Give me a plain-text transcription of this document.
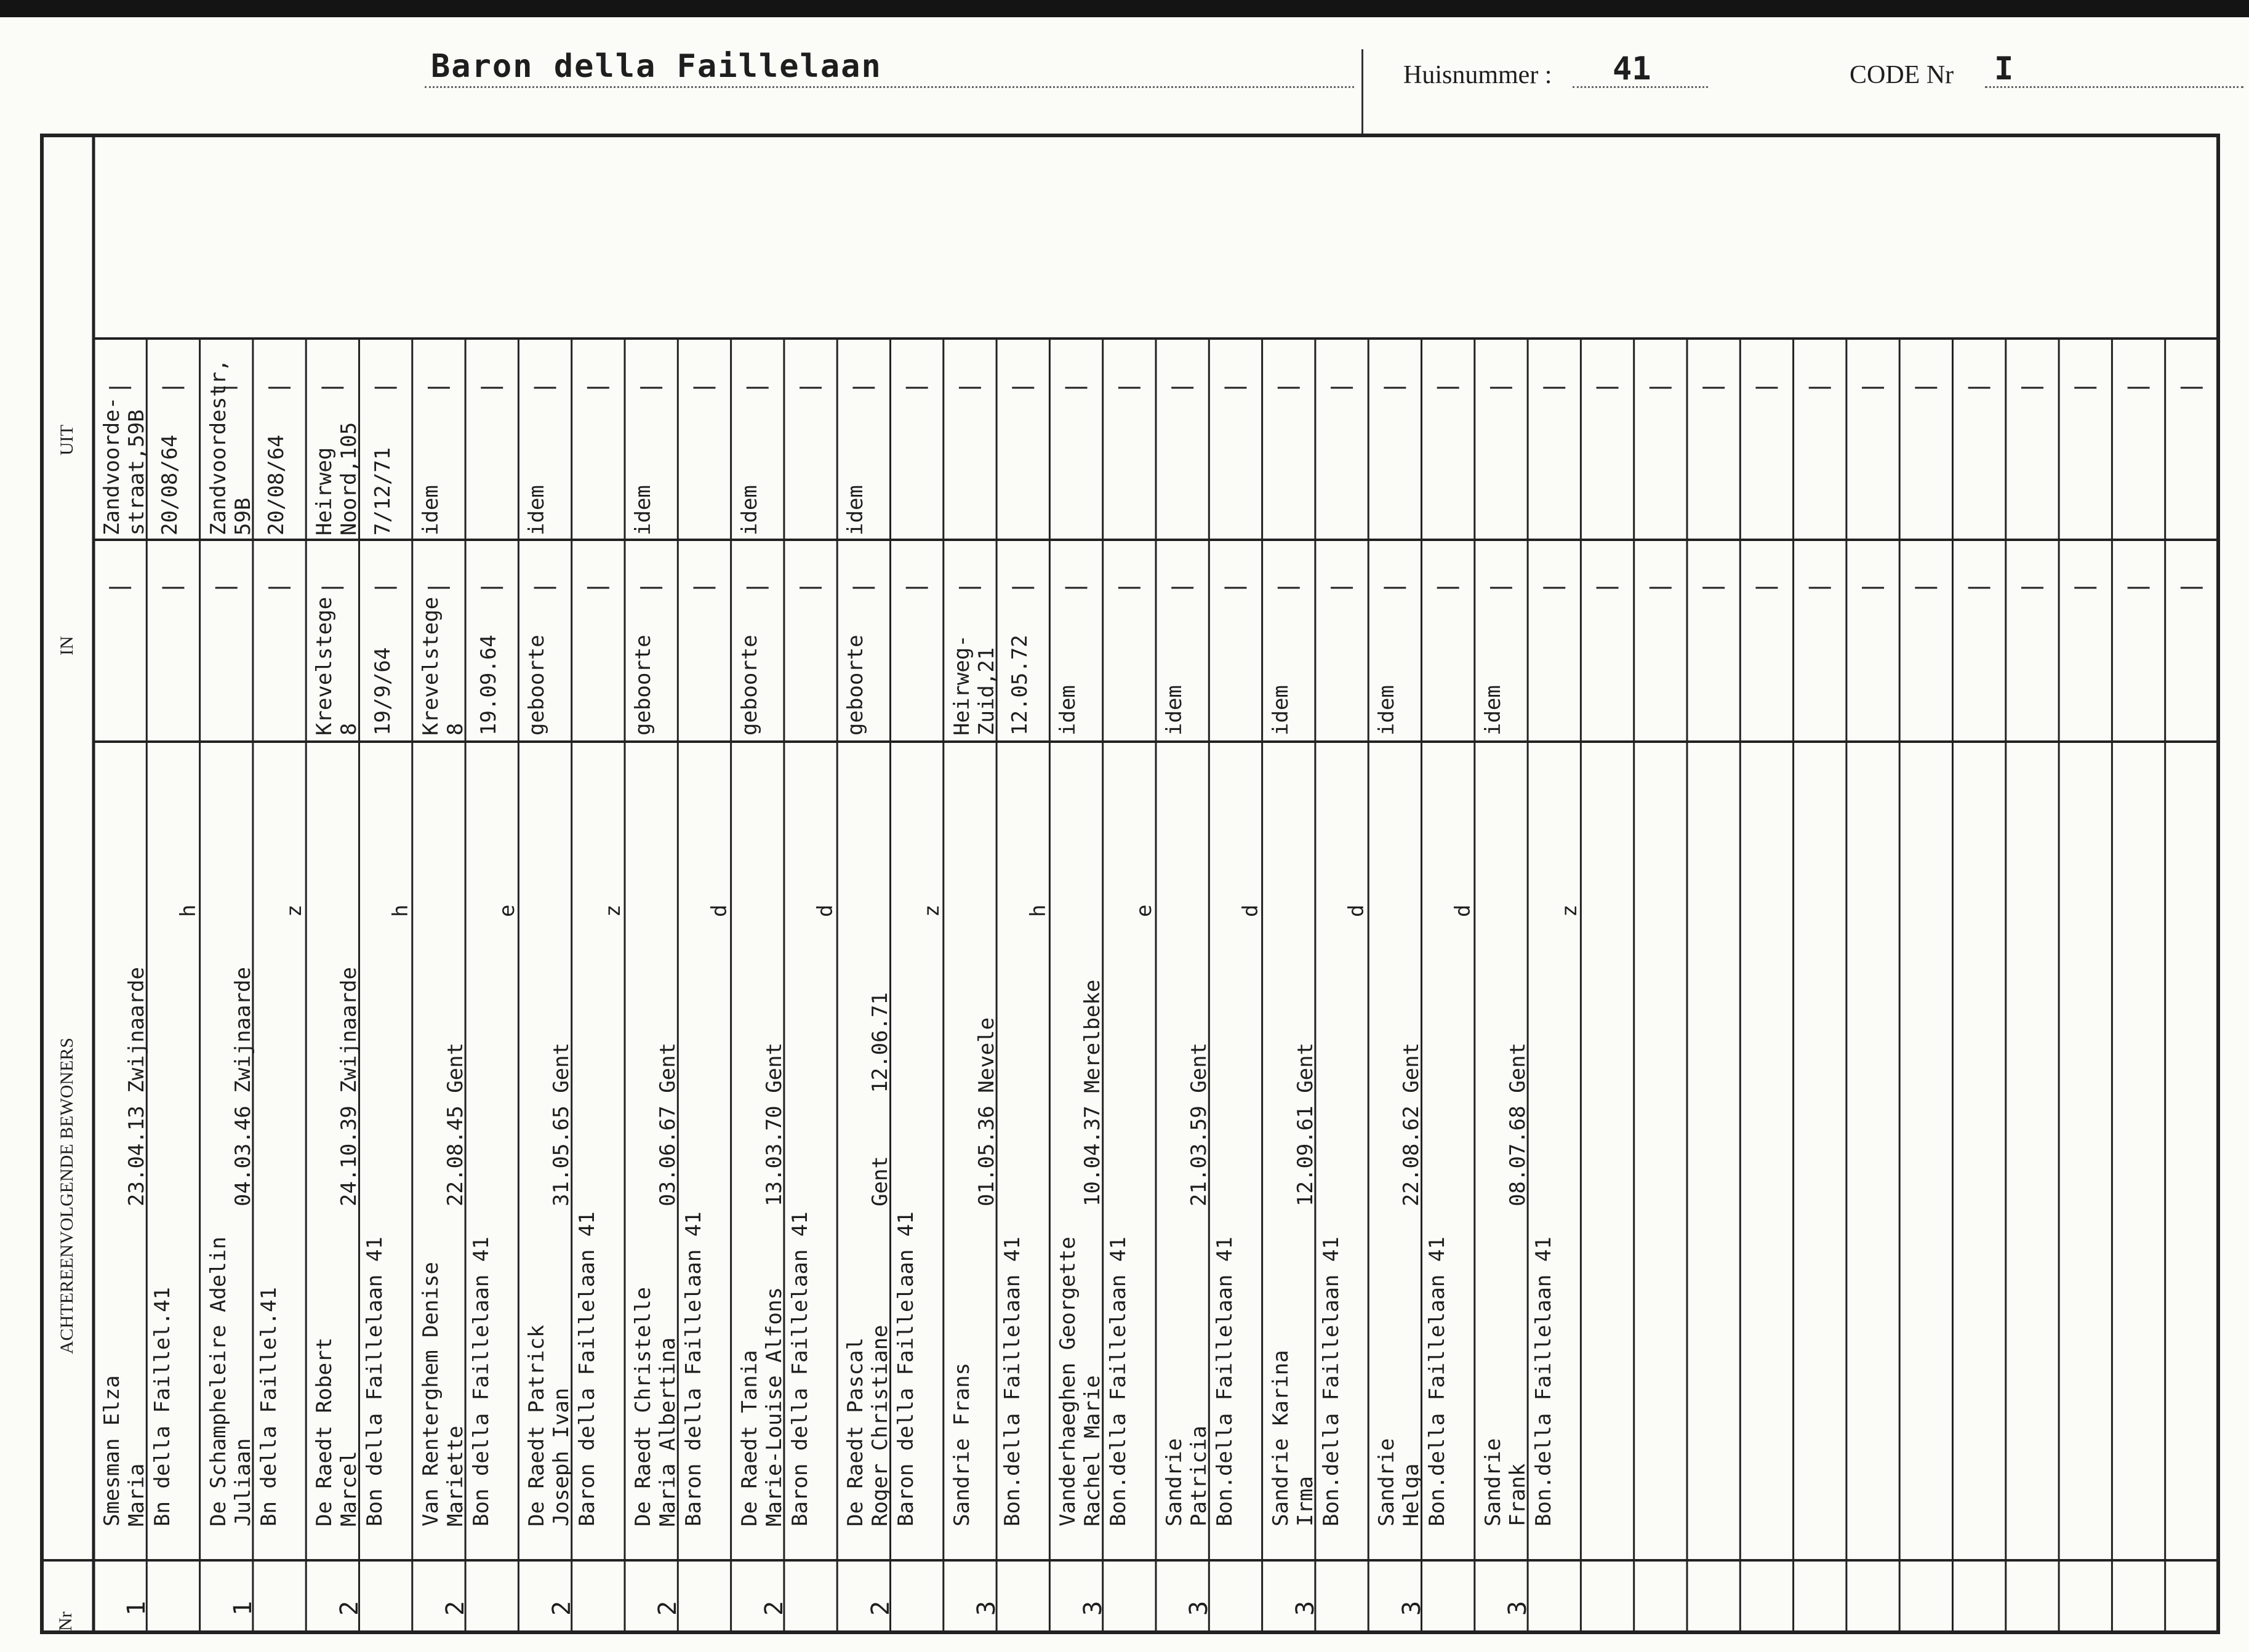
Baron della Faillelaan	Huisnummer : 41	CODE Nr I
Nr
ACHTEREENVOLGENDE BEWONERS
IN
UIT
1
Smesman Elza Maria Bn della Faillel.41
23.04.13 Zwijnaarde
h
Zandvoorde-
straat,59B 20/08/64
1
De Schampheleire Adelin Juliaan Bn della Faillel.41
04.03.46 Zwijnaarde
z
Zandvoordestr,
59B 20/08/64
2
De Raedt Robert Marcel Bon della Faillelaan 41
24.10.39 Zwijnaarde
h
Krevelstege
8 19/9/64
Heirweg
Noord,105 7/12/71
2
Van Renterghem Denise Mariette Bon della Faillelaan 41
22.08.45 Gent
e
Krevelstege
8 19.09.64
idem
2
De Raedt Patrick Joseph Ivan Baron della Faillelaan 41
31.05.65 Gent
z
geboorte
idem
2
De Raedt Christelle Maria Albertina Baron della Faillelaan 41
03.06.67 Gent
d
geboorte
idem
2
De Raedt Tania Marie-Louise Alfons Baron della Faillelaan 41
13.03.70 Gent
d
geboorte
idem
2
De Raedt Pascal Roger Christiane Baron della Faillelaan 41
Gent     12.06.71
z
geboorte
idem
3
Sandrie Frans Bon.della Faillelaan 41
01.05.36 Nevele
h
Heirweg-
Zuid,21 12.05.72
3
Vanderhaeghen Georgette Rachel Marie Bon.della Faillelaan 41
10.04.37 Merelbeke
e
idem
3
Sandrie Patricia Bon.della Faillelaan 41
21.03.59 Gent
d
idem
3
Sandrie Karina Irma Bon.della Faillelaan 41
12.09.61 Gent
d
idem
3
Sandrie Helga Bon.della Faillelaan 41
22.08.62 Gent
d
idem
3
Sandrie Frank Bon.della Faillelaan 41
08.07.68 Gent
z
idem
